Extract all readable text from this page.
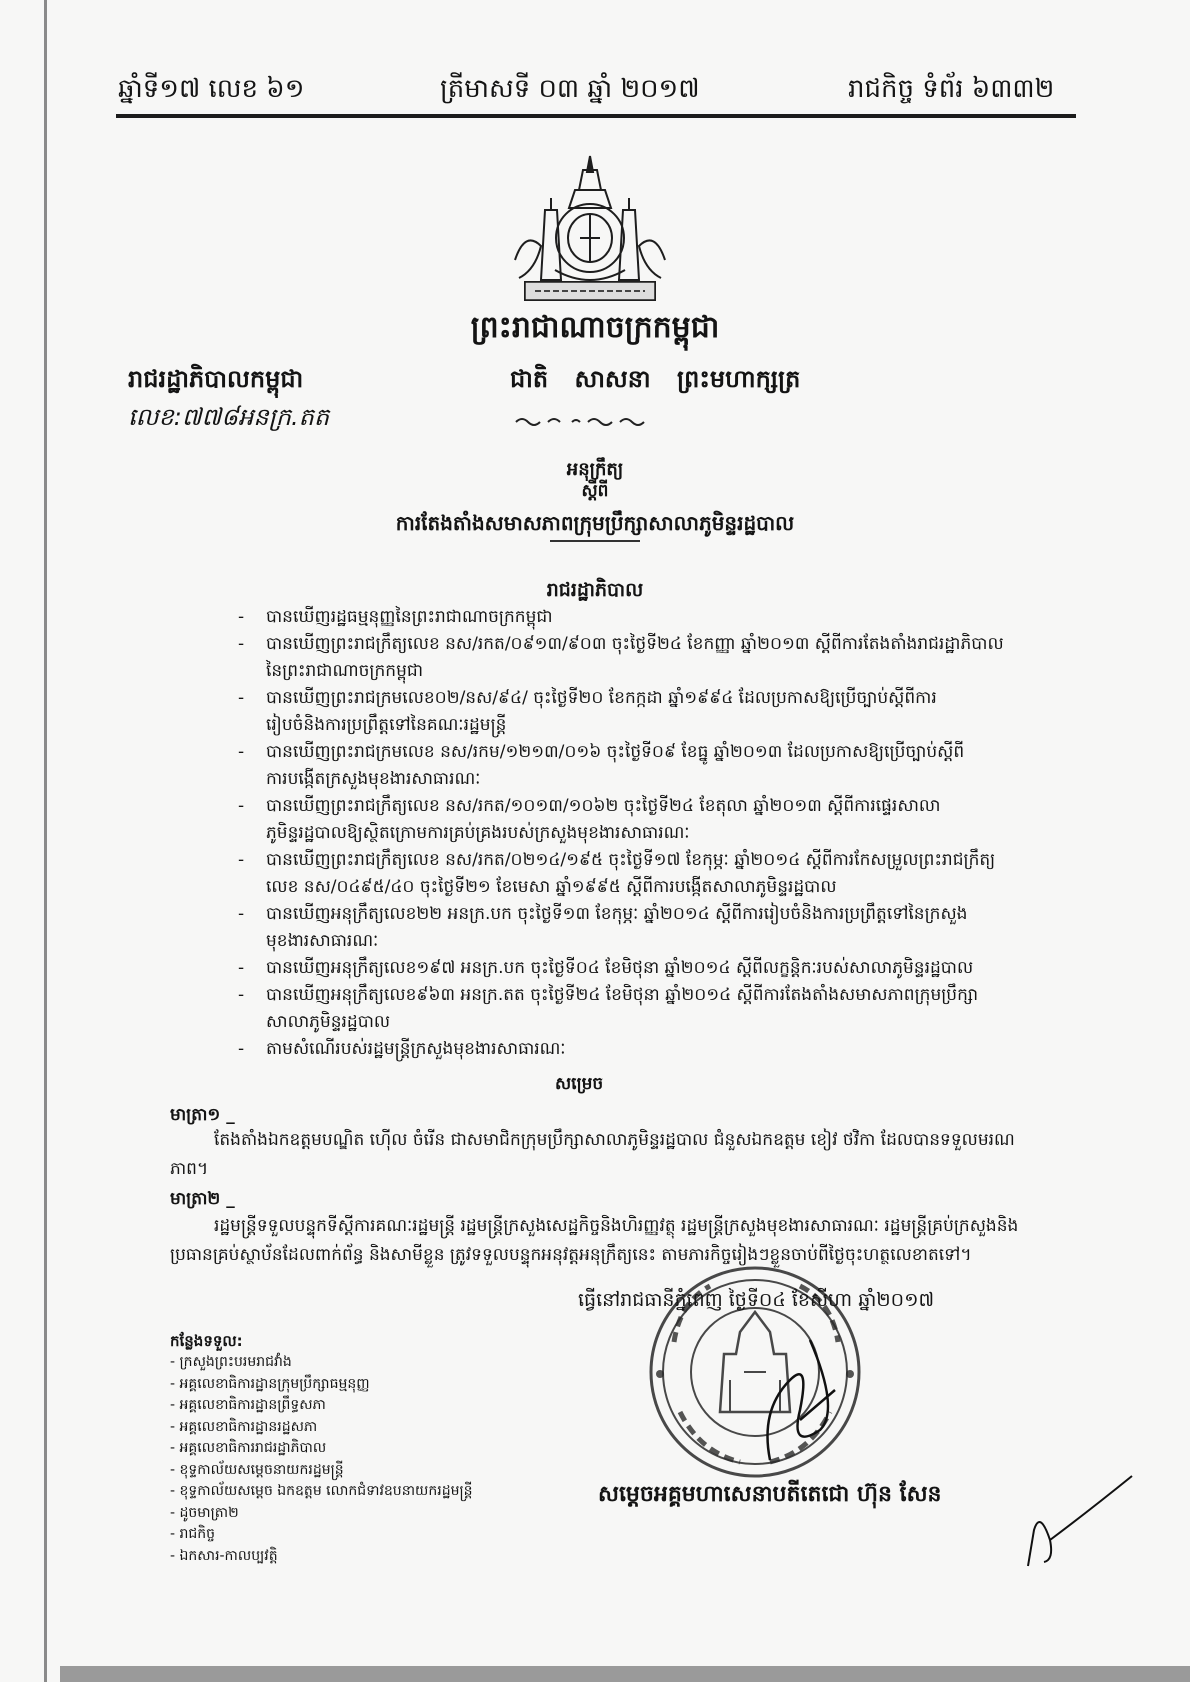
ឆ្នាំទី១៧ លេខ ៦១	ត្រីមាសទី ០៣ ឆ្នាំ ២០១៧	រាជកិច្ច ទំព័រ ៦៣៣២
ព្រះរាជាណាចក្រកម្ពុជា
រាជរដ្ឋាភិបាលកម្ពុជា	ជាតិ សាសនា ព្រះមហាក្សត្រ
លេខ:៧៧៨អនក្រ.តត
អនុក្រឹត្យ
ស្តីពី
ការតែងតាំងសមាសភាពក្រុមប្រឹក្សាសាលាភូមិន្ទរដ្ឋបាល
រាជរដ្ឋាភិបាល
- បានឃើញរដ្ឋធម្មនុញ្ញនៃព្រះរាជាណាចក្រកម្ពុជា
- បានឃើញព្រះរាជក្រឹត្យលេខ នស/រកត/០៩១៣/៩០៣ ចុះថ្ងៃទី២៤ ខែកញ្ញា ឆ្នាំ២០១៣ ស្តីពីការតែងតាំងរាជរដ្ឋាភិបាល
នៃព្រះរាជាណាចក្រកម្ពុជា
- បានឃើញព្រះរាជក្រមលេខ០២/នស/៩៤/ ចុះថ្ងៃទី២០ ខែកក្កដា ឆ្នាំ១៩៩៤ ដែលប្រកាសឱ្យប្រើច្បាប់ស្តីពីការ
រៀបចំនិងការប្រព្រឹត្តទៅនៃគណៈរដ្ឋមន្ត្រី
- បានឃើញព្រះរាជក្រមលេខ នស/រកម/១២១៣/០១៦ ចុះថ្ងៃទី០៩ ខែធ្នូ ឆ្នាំ២០១៣ ដែលប្រកាសឱ្យប្រើច្បាប់ស្តីពី
ការបង្កើតក្រសួងមុខងារសាធារណៈ
- បានឃើញព្រះរាជក្រឹត្យលេខ នស/រកត/១០១៣/១០៦២ ចុះថ្ងៃទី២៤ ខែតុលា ឆ្នាំ២០១៣ ស្តីពីការផ្ទេរសាលា
ភូមិន្ទរដ្ឋបាលឱ្យស្ថិតក្រោមការគ្រប់គ្រងរបស់ក្រសួងមុខងារសាធារណៈ
- បានឃើញព្រះរាជក្រឹត្យលេខ នស/រកត/០២១៤/១៩៥ ចុះថ្ងៃទី១៧ ខែកុម្ភៈ ឆ្នាំ២០១៤ ស្តីពីការកែសម្រួលព្រះរាជក្រឹត្យ
លេខ នស/០៤៩៥/៤០ ចុះថ្ងៃទី២១ ខែមេសា ឆ្នាំ១៩៩៥ ស្តីពីការបង្កើតសាលាភូមិន្ទរដ្ឋបាល
- បានឃើញអនុក្រឹត្យលេខ២២ អនក្រ.បក ចុះថ្ងៃទី១៣ ខែកុម្ភៈ ឆ្នាំ២០១៤ ស្តីពីការរៀបចំនិងការប្រព្រឹត្តទៅនៃក្រសួង
មុខងារសាធារណៈ
- បានឃើញអនុក្រឹត្យលេខ១៩៧ អនក្រ.បក ចុះថ្ងៃទី០៤ ខែមិថុនា ឆ្នាំ២០១៤ ស្តីពីលក្ខន្តិកៈរបស់សាលាភូមិន្ទរដ្ឋបាល
- បានឃើញអនុក្រឹត្យលេខ៩៦៣ អនក្រ.តត ចុះថ្ងៃទី២៤ ខែមិថុនា ឆ្នាំ២០១៤ ស្តីពីការតែងតាំងសមាសភាពក្រុមប្រឹក្សា
សាលាភូមិន្ទរដ្ឋបាល
- តាមសំណើរបស់រដ្ឋមន្ត្រីក្រសួងមុខងារសាធារណៈ
សម្រេច
មាត្រា១ _
តែងតាំងឯកឧត្តមបណ្ឌិត ហ៊ើល ចំរើន ជាសមាជិកក្រុមប្រឹក្សាសាលាភូមិន្ទរដ្ឋបាល ជំនួសឯកឧត្តម ខៀវ ថវិកា ដែលបានទទួលមរណភាព។
មាត្រា២ _
រដ្ឋមន្ត្រីទទួលបន្ទុកទីស្តីការគណៈរដ្ឋមន្ត្រី រដ្ឋមន្ត្រីក្រសួងសេដ្ឋកិច្ចនិងហិរញ្ញវត្ថុ រដ្ឋមន្ត្រីក្រសួងមុខងារសាធារណៈ រដ្ឋមន្ត្រីគ្រប់ក្រសួងនិងប្រធានគ្រប់ស្ថាប័នដែលពាក់ព័ន្ធ និងសាមីខ្លួន ត្រូវទទួលបន្ទុកអនុវត្តអនុក្រឹត្យនេះ តាមភារកិច្ចរៀងៗខ្លួនចាប់ពីថ្ងៃចុះហត្ថលេខាតទៅ។
ធ្វើនៅរាជធានីភ្នំពេញ ថ្ងៃទី០៤ ខែសីហា ឆ្នាំ២០១៧
កន្លែងទទួល:
- ក្រសួងព្រះបរមរាជវាំង
- អគ្គលេខាធិការដ្ឋានក្រុមប្រឹក្សាធម្មនុញ្ញ
- អគ្គលេខាធិការដ្ឋានព្រឹទ្ធសភា
- អគ្គលេខាធិការដ្ឋានរដ្ឋសភា
- អគ្គលេខាធិការរាជរដ្ឋាភិបាល
- ខុទ្ទកាល័យសម្តេចនាយករដ្ឋមន្ត្រី
- ខុទ្ទកាល័យសម្តេច ឯកឧត្តម លោកជំទាវឧបនាយករដ្ឋមន្ត្រី
- ដូចមាត្រា២
- រាជកិច្ច
- ឯកសារ-កាលប្បវត្តិ
សម្តេចអគ្គមហាសេនាបតីតេជោ ហ៊ុន សែន
